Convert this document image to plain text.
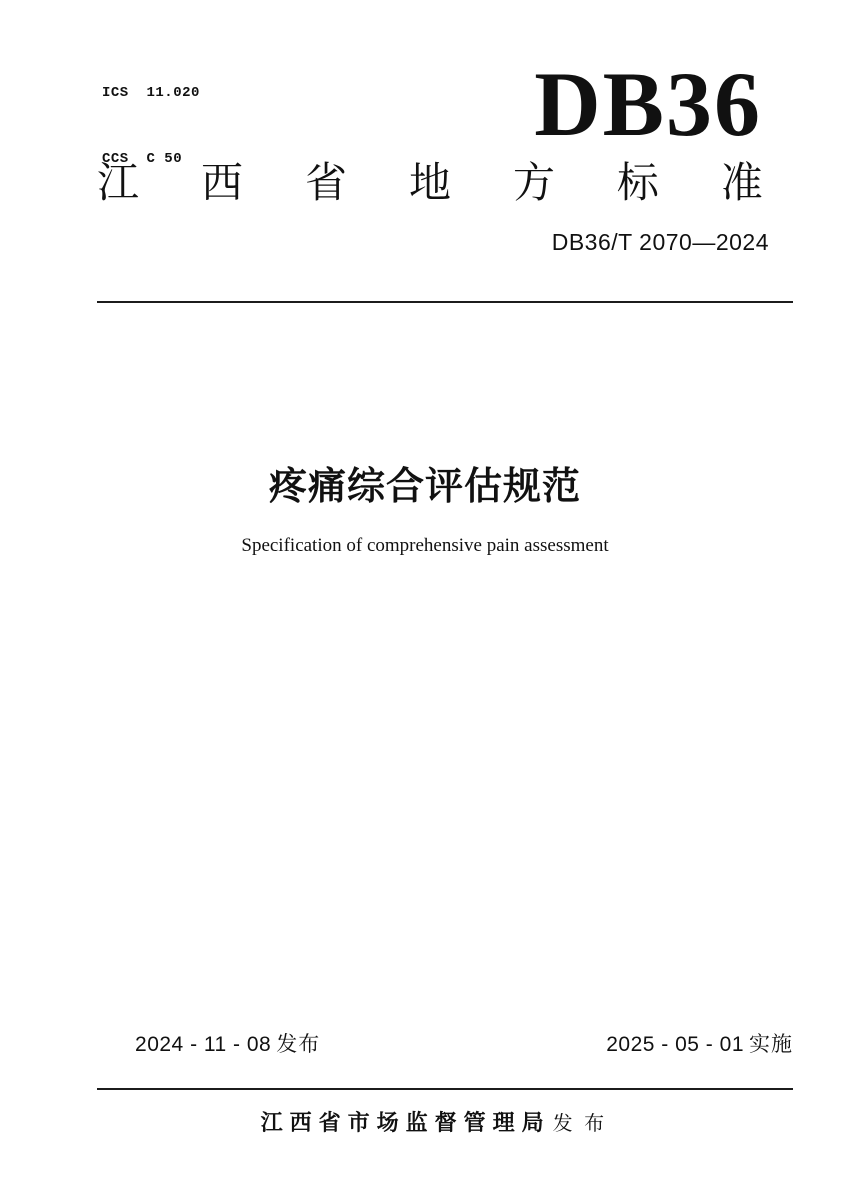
ICS  11.020

CCS  C 50

DB36
江 西 省 地 方 标 准
DB36/T 2070—2024
疼痛综合评估规范
Specification of comprehensive pain assessment

2024 - 11 - 08 发布
	2025 - 05 - 01 实施

江西省市场监督管理局 发 布
